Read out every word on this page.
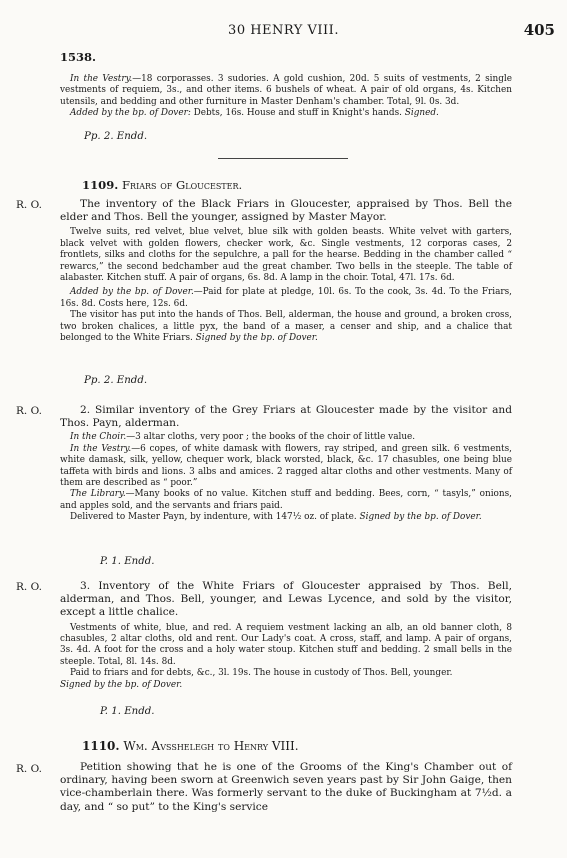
30 HENRY VIII.	405
1538.

In the Vestry.—18 corporasses. 3 sudories. A gold cushion, 20d. 5 suits of vestments, 2 single vestments of requiem, 3s., and other items. 6 bushels of wheat. A pair of old organs, 4s. Kitchen utensils, and bedding and other furniture in Master Denham's chamber. Total, 9l. 0s. 3d.

Added by the bp. of Dover: Debts, 16s. House and stuff in Knight's hands. Signed.

Pp. 2. Endd.
1109. Friars of Gloucester.
R. O.	The inventory of the Black Friars in Gloucester, appraised by Thos. Bell the elder and Thos. Bell the younger, assigned by Master Mayor.

Twelve suits, red velvet, blue velvet, blue silk with golden beasts. White velvet with garters, black velvet with golden flowers, checker work, &c. Single vestments, 12 corporas cases, 2 frontlets, silks and cloths for the sepulchre, a pall for the hearse. Bedding in the chamber called “ rewarcs,” the second bedchamber aud the great chamber. Two bells in the steeple. The table of alabaster. Kitchen stuff. A pair of organs, 6s. 8d. A lamp in the choir. Total, 47l. 17s. 6d.

Added by the bp. of Dover.—Paid for plate at pledge, 10l. 6s. To the cook, 3s. 4d. To the Friars, 16s. 8d. Costs here, 12s. 6d.

The visitor has put into the hands of Thos. Bell, alderman, the house and ground, a broken cross, two broken chalices, a little pyx, the band of a maser, a censer and ship, and a chalice that belonged to the White Friars. Signed by the bp. of Dover.

Pp. 2. Endd.
R. O.	2. Similar inventory of the Grey Friars at Gloucester made by the visitor and Thos. Payn, alderman.

In the Choir.—3 altar cloths, very poor ; the books of the choir of little value.

In the Vestry.—6 copes, of white damask with flowers, ray striped, and green silk. 6 vestments, white damask, silk, yellow, chequer work, black worsted, black, &c. 17 chasubles, one being blue taffeta with birds and lions. 3 albs and amices. 2 ragged altar cloths and other vestments. Many of them are described as “ poor.”

The Library.—Many books of no value. Kitchen stuff and bedding. Bees, corn, “ tasyls,” onions, and apples sold, and the servants and friars paid.

Delivered to Master Payn, by indenture, with 147½ oz. of plate. Signed by the bp. of Dover.

P. 1. Endd.
R. O.	3. Inventory of the White Friars of Gloucester appraised by Thos. Bell, alderman, and Thos. Bell, younger, and Lewas Lycence, and sold by the visitor, except a little chalice.

Vestments of white, blue, and red. A requiem vestment lacking an alb, an old banner cloth, 8 chasubles, 2 altar cloths, old and rent. Our Lady's coat. A cross, staff, and lamp. A pair of organs, 3s. 4d. A foot for the cross and a holy water stoup. Kitchen stuff and bedding. 2 small bells in the steeple. Total, 8l. 14s. 8d.

Paid to friars and for debts, &c., 3l. 19s. The house in custody of Thos. Bell, younger.

Signed by the bp. of Dover.

P. 1. Endd.
1110. Wm. Avsshelegh to Henry VIII.
R. O.	Petition showing that he is one of the Grooms of the King's Chamber out of ordinary, having been sworn at Greenwich seven years past by Sir John Gaige, then vice-chamberlain there. Was formerly servant to the duke of Buckingham at 7½d. a day, and “ so put” to the King's service
